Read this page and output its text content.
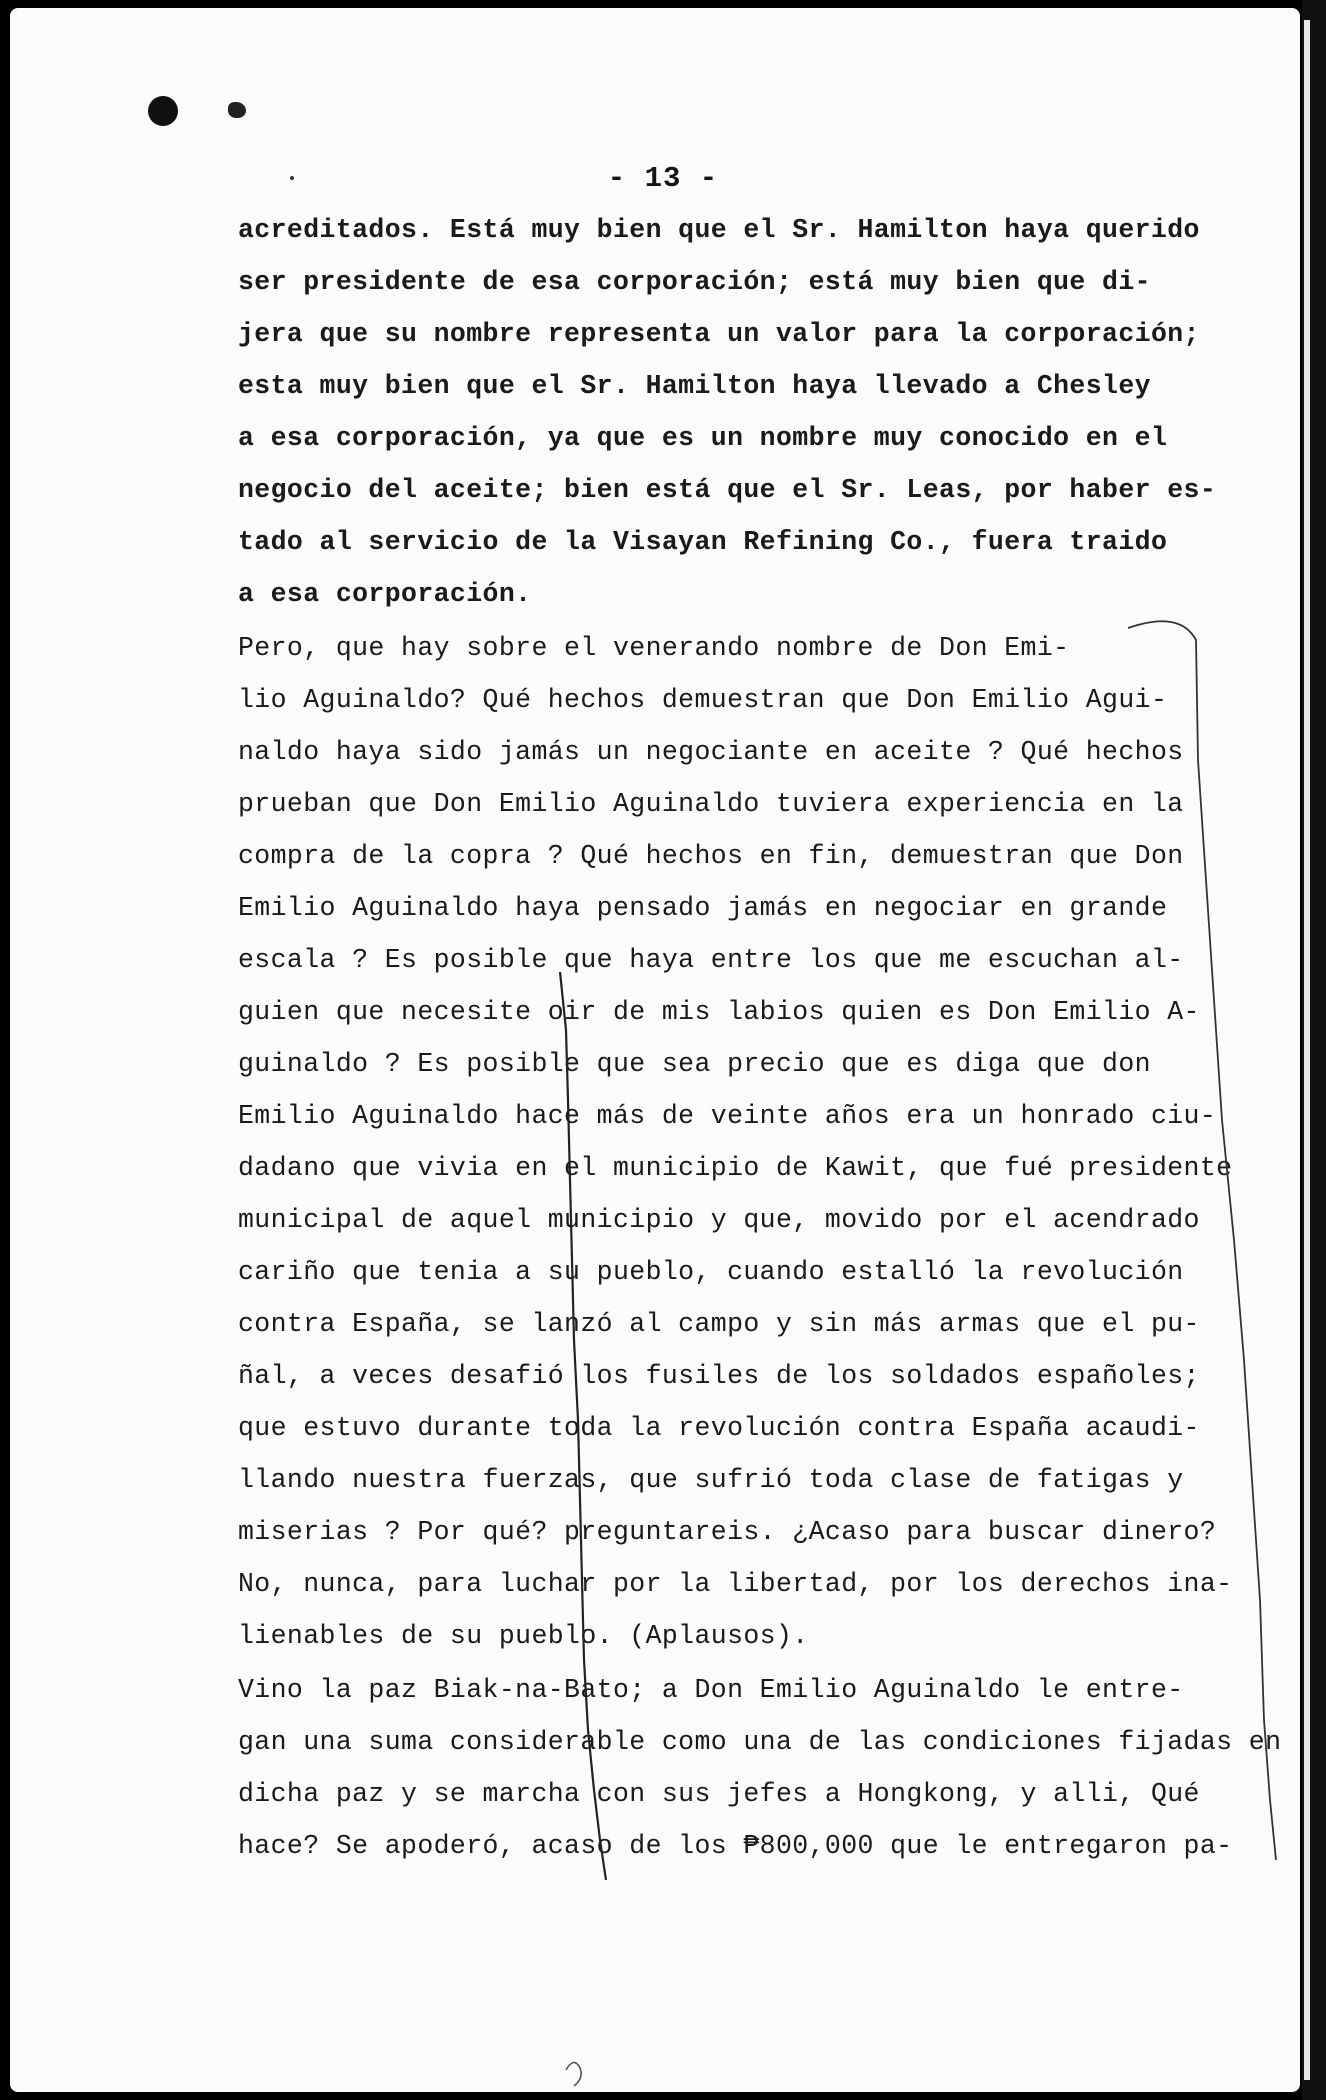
- 13 -
acreditados. Está muy bien que el Sr. Hamilton haya querido
ser presidente de esa corporación; está muy bien que di-
jera que su nombre representa un valor para la corporación;
esta muy bien que el Sr. Hamilton haya llevado a Chesley
a esa corporación, ya que es un nombre muy conocido en el
negocio del aceite; bien está que el Sr. Leas, por haber es-
tado al servicio de la Visayan Refining Co., fuera traido
a esa corporación.
Pero, que hay sobre el venerando nombre de Don Emi-
lio Aguinaldo? Qué hechos demuestran que Don Emilio Agui-
naldo haya sido jamás un negociante en aceite ? Qué hechos
prueban que Don Emilio Aguinaldo tuviera experiencia en la
compra de la copra ? Qué hechos en fin, demuestran que Don
Emilio Aguinaldo haya pensado jamás en negociar en grande
escala ? Es posible que haya entre los que me escuchan al-
guien que necesite oir de mis labios quien es Don Emilio A-
guinaldo ? Es posible que sea precio que es diga que don
Emilio Aguinaldo hace más de veinte años era un honrado ciu-
dadano que vivia en el municipio de Kawit, que fué presidente
municipal de aquel municipio y que, movido por el acendrado
cariño que tenia a su pueblo, cuando estalló la revolución
contra España, se lanzó al campo y sin más armas que el pu-
ñal, a veces desafió los fusiles de los soldados españoles;
que estuvo durante toda la revolución contra España acaudi-
llando nuestra fuerzas, que sufrió toda clase de fatigas y
miserias ? Por qué? preguntareis. ¿Acaso para buscar dinero?
No, nunca, para luchar por la libertad, por los derechos ina-
lienables de su pueblo. (Aplausos).
Vino la paz Biak-na-Bato; a Don Emilio Aguinaldo le entre-
gan una suma considerable como una de las condiciones fijadas en
dicha paz y se marcha con sus jefes a Hongkong, y alli, Qué
hace? Se apoderó, acaso de los ₱800,000 que le entregaron pa-
